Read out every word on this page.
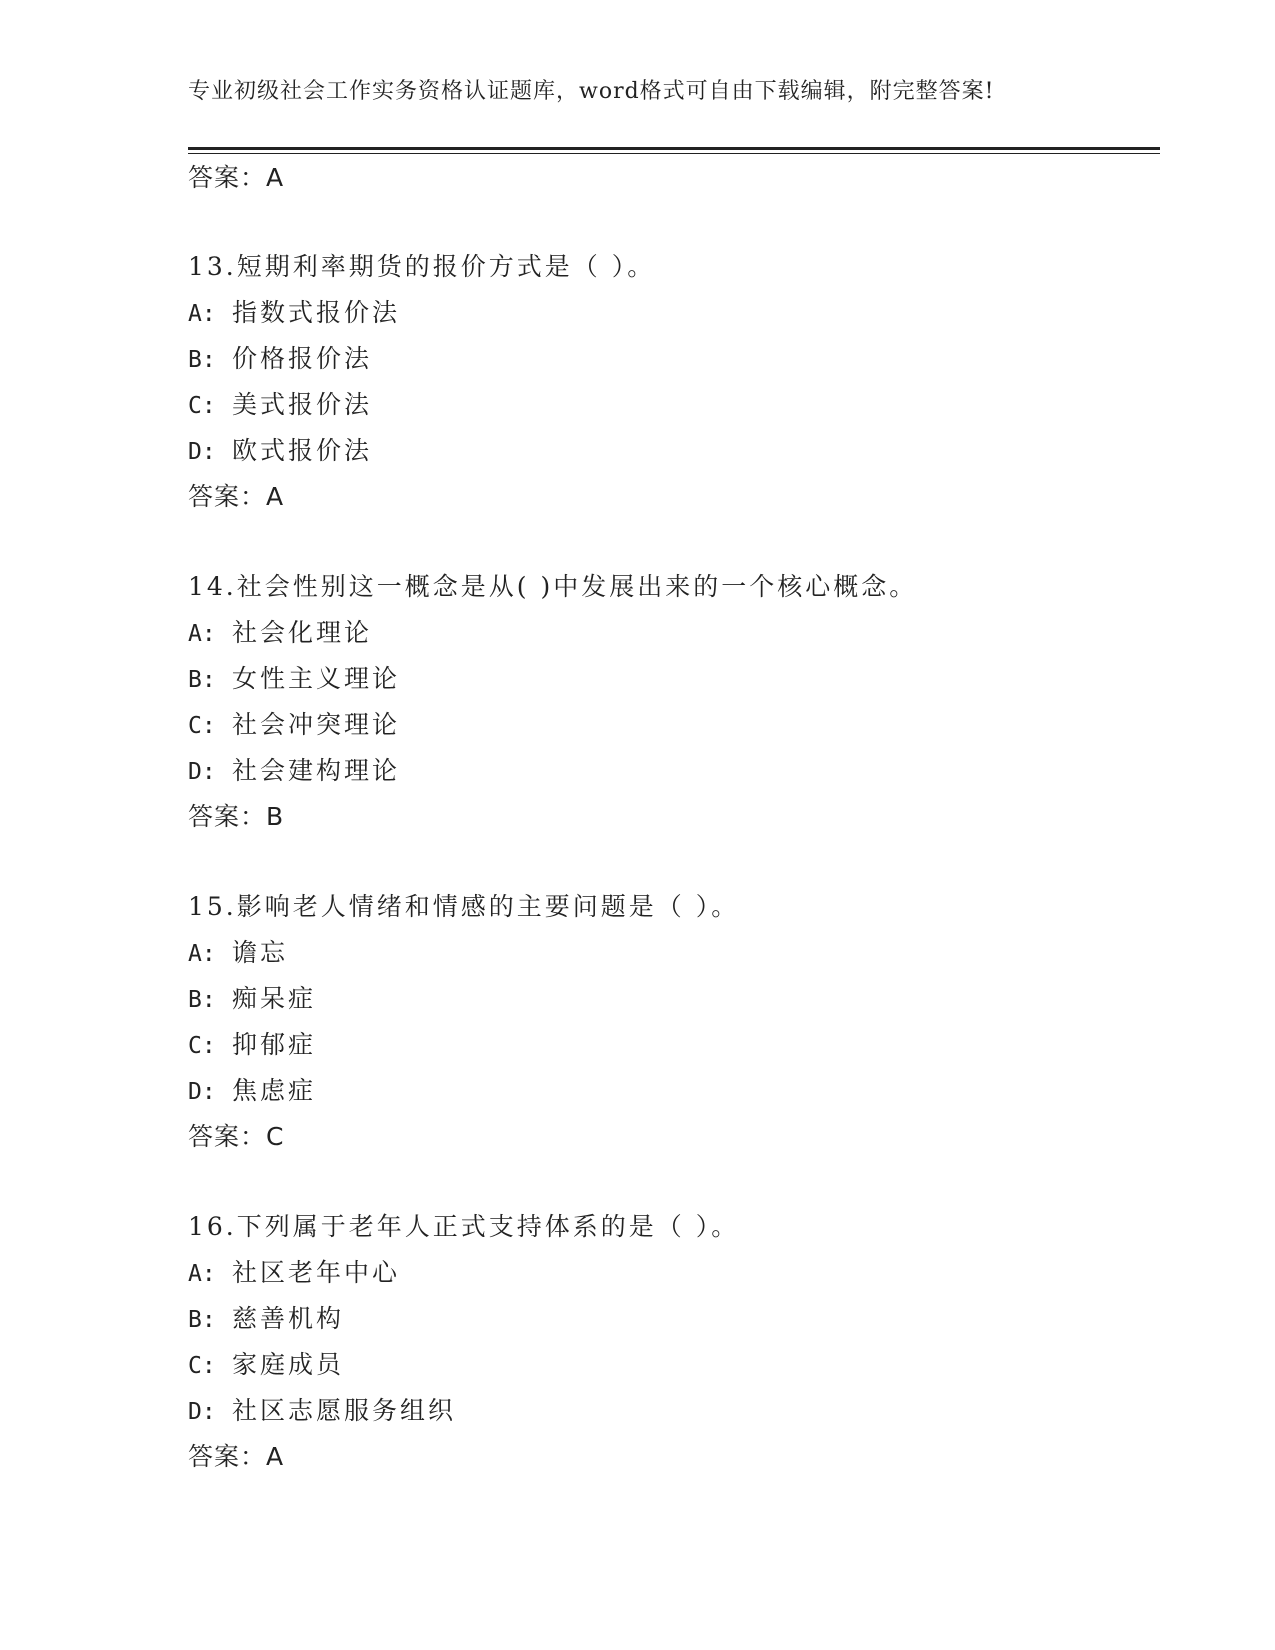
专业初级社会工作实务资格认证题库，word格式可自由下载编辑，附完整答案!
答案：A
13.短期利率期货的报价方式是（ ）。
A: 指数式报价法
B: 价格报价法
C: 美式报价法
D: 欧式报价法
答案：A
14.社会性别这一概念是从( )中发展出来的一个核心概念。
A: 社会化理论
B: 女性主义理论
C: 社会冲突理论
D: 社会建构理论
答案：B
15.影响老人情绪和情感的主要问题是（ ）。
A: 谵忘
B: 痴呆症
C: 抑郁症
D: 焦虑症
答案：C
16.下列属于老年人正式支持体系的是（ ）。
A: 社区老年中心
B: 慈善机构
C: 家庭成员
D: 社区志愿服务组织
答案：A
